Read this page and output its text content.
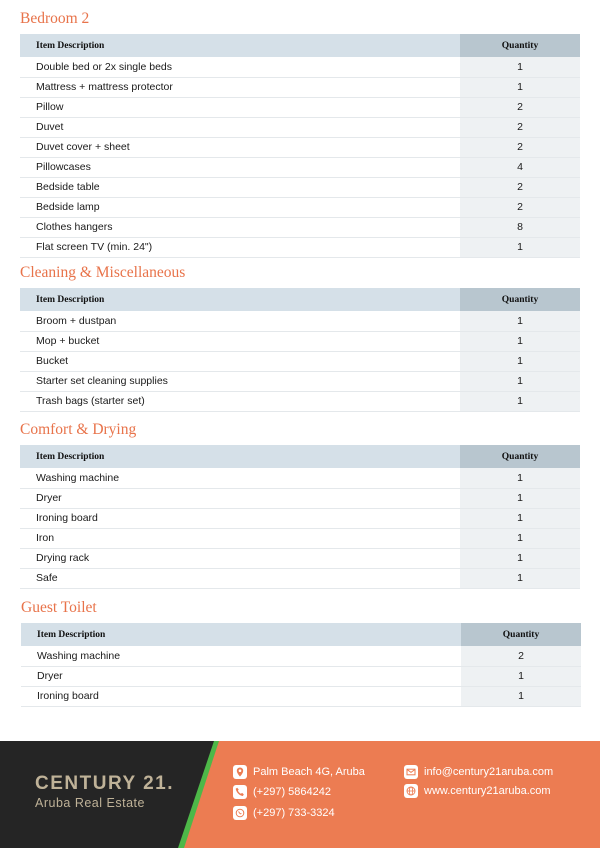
Bedroom 2
Item Description	Quantity
Double bed or 2x single beds	1
Mattress + mattress protector	1
Pillow	2
Duvet	2
Duvet cover + sheet	2
Pillowcases	4
Bedside table	2
Bedside lamp	2
Clothes hangers	8
Flat screen TV (min. 24")	1
Cleaning & Miscellaneous
Item Description	Quantity
Broom + dustpan	1
Mop + bucket	1
Bucket	1
Starter set cleaning supplies	1
Trash bags (starter set)	1
Comfort & Drying
Item Description	Quantity
Washing machine	1
Dryer	1
Ironing board	1
Iron	1
Drying rack	1
Safe	1
Guest Toilet
Item Description	Quantity
Washing machine	2
Dryer	1
Ironing board	1
CENTURY 21.
Aruba Real Estate
Palm Beach 4G, Aruba
(+297) 5864242
(+297) 733-3324
info@century21aruba.com
www.century21aruba.com
